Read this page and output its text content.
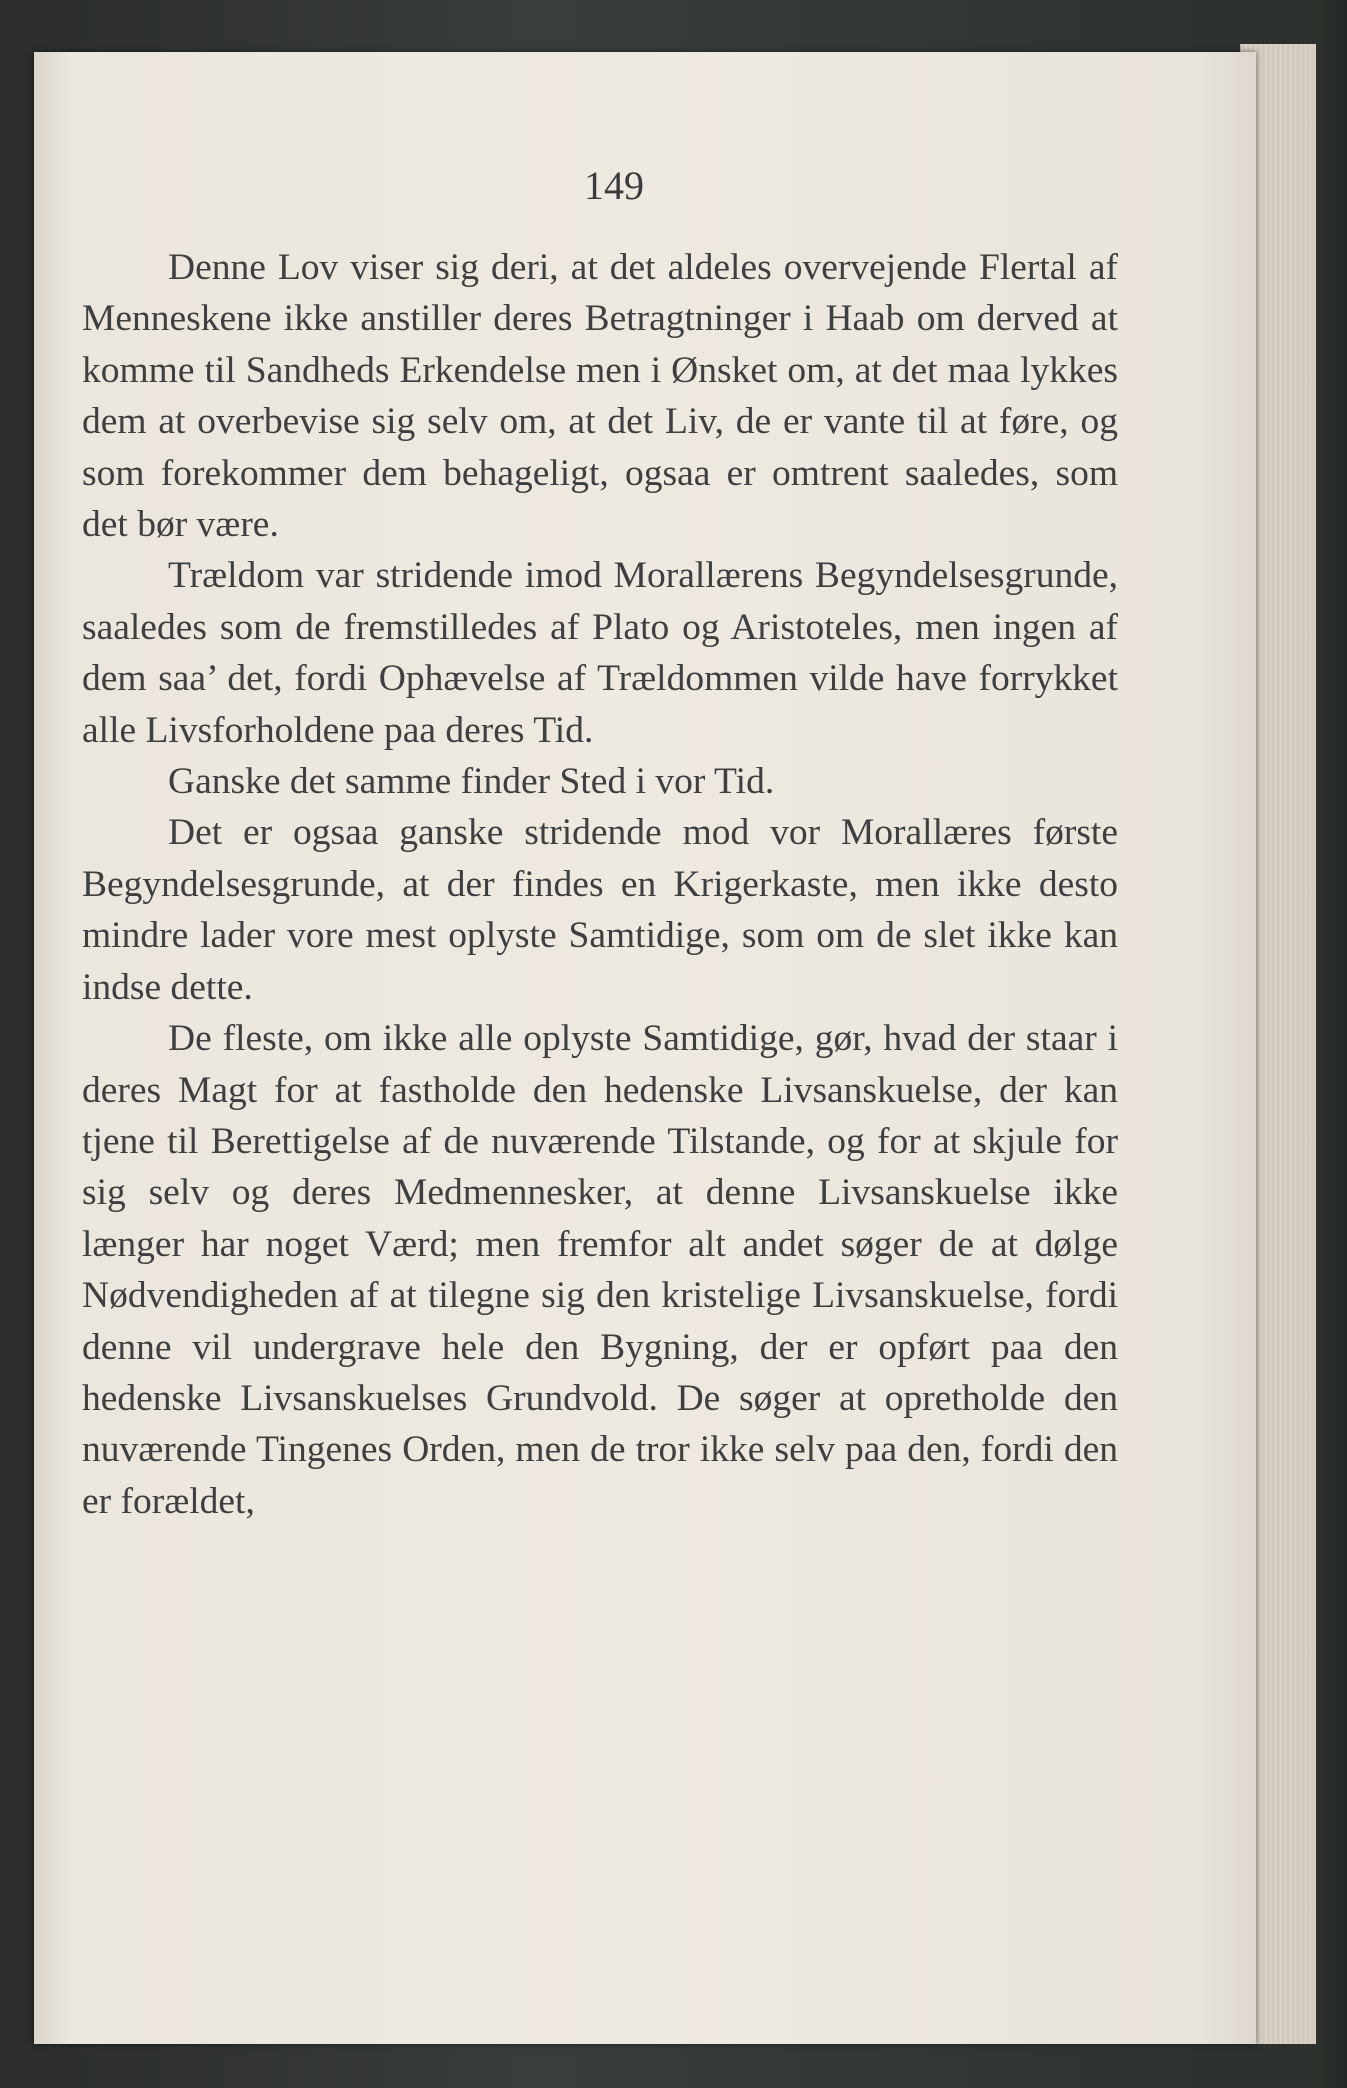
149

Denne Lov viser sig deri, at det aldeles overvejende Flertal af Menneskene ikke anstiller deres Betragtninger i Haab om derved at komme til Sandheds Erkendelse men i Ønsket om, at det maa lykkes dem at overbevise sig selv om, at det Liv, de er vante til at føre, og som forekommer dem behageligt, ogsaa er omtrent saaledes, som det bør være.

Trældom var stridende imod Morallærens Begyndelsesgrunde, saaledes som de fremstilledes af Plato og Aristoteles, men ingen af dem saa’ det, fordi Ophævelse af Trældommen vilde have forrykket alle Livsforholdene paa deres Tid.

Ganske det samme finder Sted i vor Tid.

Det er ogsaa ganske stridende mod vor Morallæres første Begyndelsesgrunde, at der findes en Krigerkaste, men ikke desto mindre lader vore mest oplyste Samtidige, som om de slet ikke kan indse dette.

De fleste, om ikke alle oplyste Samtidige, gør, hvad der staar i deres Magt for at fastholde den hedenske Livsanskuelse, der kan tjene til Berettigelse af de nuværende Tilstande, og for at skjule for sig selv og deres Medmennesker, at denne Livsanskuelse ikke længer har noget Værd; men fremfor alt andet søger de at dølge Nødvendigheden af at tilegne sig den kristelige Livsanskuelse, fordi denne vil undergrave hele den Bygning, der er opført paa den hedenske Livsanskuelses Grundvold. De søger at opretholde den nuværende Tingenes Orden, men de tror ikke selv paa den, fordi den er forældet,
